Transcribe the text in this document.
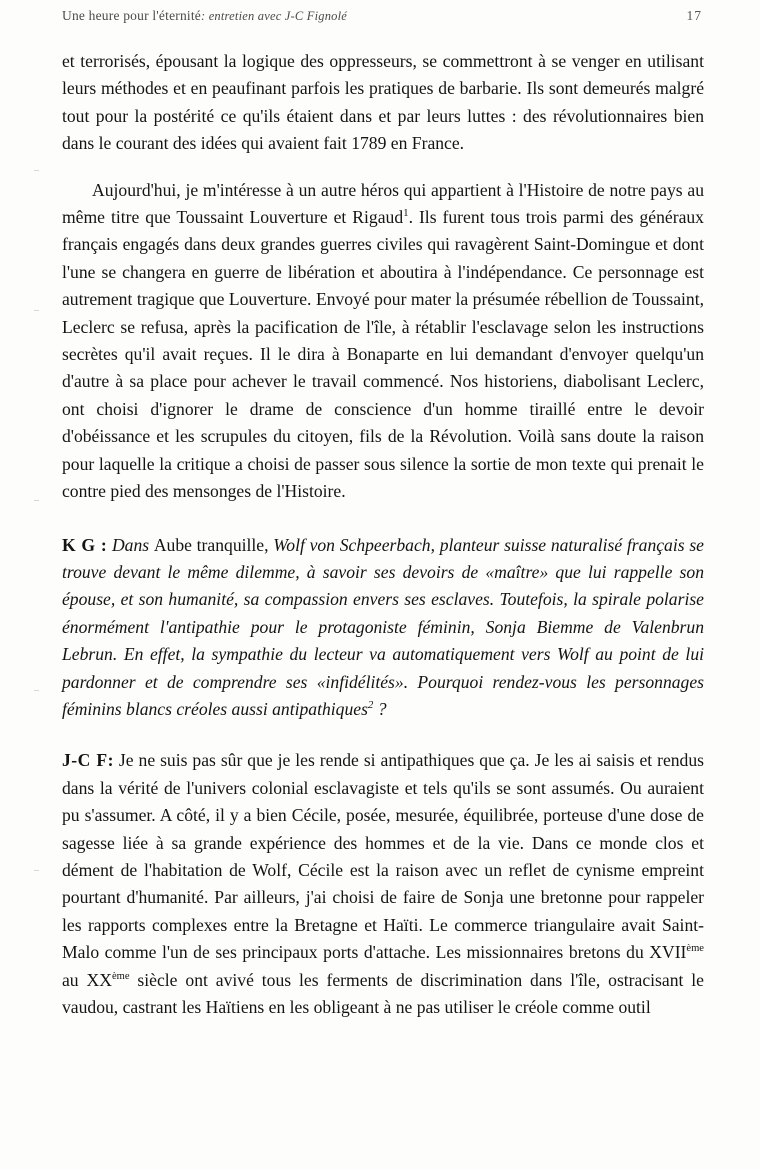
Une heure pour l'éternité: entretien avec J-C Fignolé	17

et terrorisés, épousant la logique des oppresseurs, se commettront à se venger en utilisant leurs méthodes et en peaufinant parfois les pratiques de barbarie. Ils sont demeurés malgré tout pour la postérité ce qu'ils étaient dans et par leurs luttes : des révolutionnaires bien dans le courant des idées qui avaient fait 1789 en France.

Aujourd'hui, je m'intéresse à un autre héros qui appartient à l'Histoire de notre pays au même titre que Toussaint Louverture et Rigaud$^1$. Ils furent tous trois parmi des généraux français engagés dans deux grandes guerres civiles qui ravagèrent Saint-Domingue et dont l'une se changera en guerre de libération et aboutira à l'indépendance. Ce personnage est autrement tragique que Louverture. Envoyé pour mater la présumée rébellion de Toussaint, Leclerc se refusa, après la pacification de l'île, à rétablir l'esclavage selon les instructions secrètes qu'il avait reçues. Il le dira à Bonaparte en lui demandant d'envoyer quelqu'un d'autre à sa place pour achever le travail commencé. Nos historiens, diabolisant Leclerc, ont choisi d'ignorer le drame de conscience d'un homme tiraillé entre le devoir d'obéissance et les scrupules du citoyen, fils de la Révolution. Voilà sans doute la raison pour laquelle la critique a choisi de passer sous silence la sortie de mon texte qui prenait le contre pied des mensonges de l'Histoire.

K G : Dans Aube tranquille, Wolf von Schpeerbach, planteur suisse naturalisé français se trouve devant le même dilemme, à savoir ses devoirs de «maître» que lui rappelle son épouse, et son humanité, sa compassion envers ses esclaves. Toutefois, la spirale polarise énormément l'antipathie pour le protagoniste féminin, Sonja Biemme de Valenbrun Lebrun. En effet, la sympathie du lecteur va automatiquement vers Wolf au point de lui pardonner et de comprendre ses «infidélités». Pourquoi rendez-vous les personnages féminins blancs créoles aussi antipathiques$^2$ ?

J-C F: Je ne suis pas sûr que je les rende si antipathiques que ça. Je les ai saisis et rendus dans la vérité de l'univers colonial esclavagiste et tels qu'ils se sont assumés. Ou auraient pu s'assumer. A côté, il y a bien Cécile, posée, mesurée, équilibrée, porteuse d'une dose de sagesse liée à sa grande expérience des hommes et de la vie. Dans ce monde clos et dément de l'habitation de Wolf, Cécile est la raison avec un reflet de cynisme empreint pourtant d'humanité. Par ailleurs, j'ai choisi de faire de Sonja une bretonne pour rappeler les rapports complexes entre la Bretagne et Haïti. Le commerce triangulaire avait Saint-Malo comme l'un de ses principaux ports d'attache. Les missionnaires bretons du XVIIème au XXème siècle ont avivé tous les ferments de discrimination dans l'île, ostracisant le vaudou, castrant les Haïtiens en les obligeant à ne pas utiliser le créole comme outil
